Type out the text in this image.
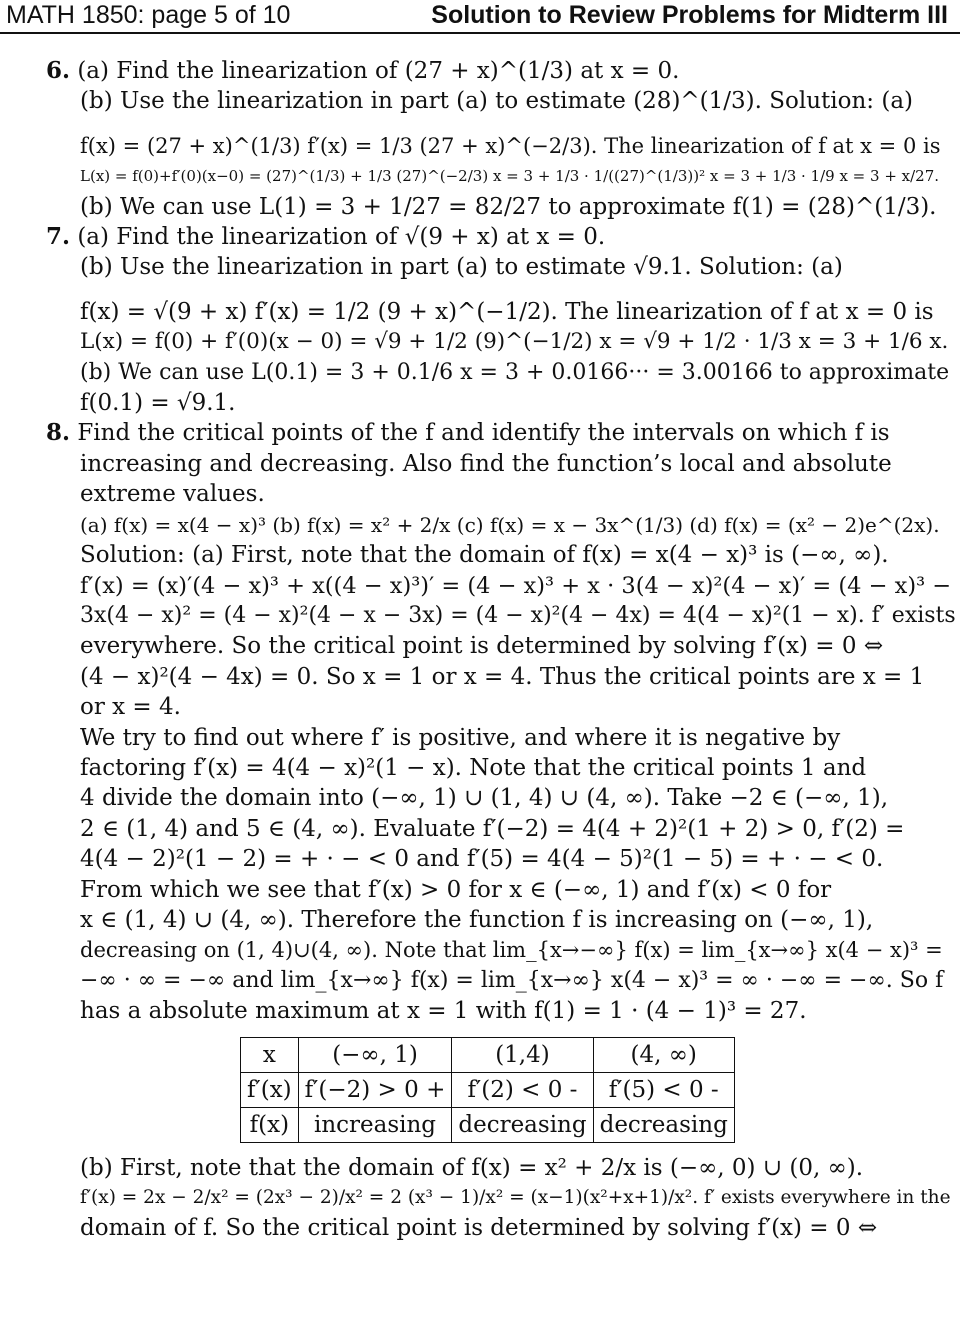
MATH 1850: page 5 of 10	Solution to Review Problems for Midterm III
6. (a) Find the linearization of (27 + x)^(1/3) at x = 0.
(b) Use the linearization in part (a) to estimate (28)^(1/3). Solution: (a)
f(x) = (27 + x)^(1/3) f′(x) = 1/3 (27 + x)^(−2/3). The linearization of f at x = 0 is
L(x) = f(0)+f′(0)(x−0) = (27)^(1/3) + 1/3 (27)^(−2/3) x = 3 + 1/3 · 1/((27)^(1/3))² x = 3 + 1/3 · 1/9 x = 3 + x/27.
(b) We can use L(1) = 3 + 1/27 = 82/27 to approximate f(1) = (28)^(1/3).
7. (a) Find the linearization of √(9 + x) at x = 0.
(b) Use the linearization in part (a) to estimate √9.1. Solution: (a)
f(x) = √(9 + x) f′(x) = 1/2 (9 + x)^(−1/2). The linearization of f at x = 0 is
L(x) = f(0) + f′(0)(x − 0) = √9 + 1/2 (9)^(−1/2) x = √9 + 1/2 · 1/3 x = 3 + 1/6 x.
(b) We can use L(0.1) = 3 + 0.1/6 x = 3 + 0.0166··· = 3.00166 to approximate
f(0.1) = √9.1.
8. Find the critical points of the f and identify the intervals on which f is
increasing and decreasing. Also find the function’s local and absolute
extreme values.
(a) f(x) = x(4 − x)³ (b) f(x) = x² + 2/x (c) f(x) = x − 3x^(1/3) (d) f(x) = (x² − 2)e^(2x).
Solution: (a) First, note that the domain of f(x) = x(4 − x)³ is (−∞, ∞).
f′(x) = (x)′(4 − x)³ + x((4 − x)³)′ = (4 − x)³ + x · 3(4 − x)²(4 − x)′ = (4 − x)³ −
3x(4 − x)² = (4 − x)²(4 − x − 3x) = (4 − x)²(4 − 4x) = 4(4 − x)²(1 − x). f′ exists
everywhere. So the critical point is determined by solving f′(x) = 0 ⇔
(4 − x)²(4 − 4x) = 0. So x = 1 or x = 4. Thus the critical points are x = 1
or x = 4.
We try to find out where f′ is positive, and where it is negative by
factoring f′(x) = 4(4 − x)²(1 − x). Note that the critical points 1 and
4 divide the domain into (−∞, 1) ∪ (1, 4) ∪ (4, ∞). Take −2 ∈ (−∞, 1),
2 ∈ (1, 4) and 5 ∈ (4, ∞). Evaluate f′(−2) = 4(4 + 2)²(1 + 2) > 0, f′(2) =
4(4 − 2)²(1 − 2) = + · − < 0 and f′(5) = 4(4 − 5)²(1 − 5) = + · − < 0.
From which we see that f′(x) > 0 for x ∈ (−∞, 1) and f′(x) < 0 for
x ∈ (1, 4) ∪ (4, ∞). Therefore the function f is increasing on (−∞, 1),
decreasing on (1, 4)∪(4, ∞). Note that lim_{x→−∞} f(x) = lim_{x→∞} x(4 − x)³ =
−∞ · ∞ = −∞ and lim_{x→∞} f(x) = lim_{x→∞} x(4 − x)³ = ∞ · −∞ = −∞. So f
has a absolute maximum at x = 1 with f(1) = 1 · (4 − 1)³ = 27.
x	(−∞, 1)	(1,4)	(4, ∞)
f′(x)	f′(−2) > 0 +	f′(2) < 0 -	f′(5) < 0 -
f(x)	increasing	decreasing	decreasing
(b) First, note that the domain of f(x) = x² + 2/x is (−∞, 0) ∪ (0, ∞).
f′(x) = 2x − 2/x² = (2x³ − 2)/x² = 2 (x³ − 1)/x² = (x−1)(x²+x+1)/x². f′ exists everywhere in the
domain of f. So the critical point is determined by solving f′(x) = 0 ⇔
